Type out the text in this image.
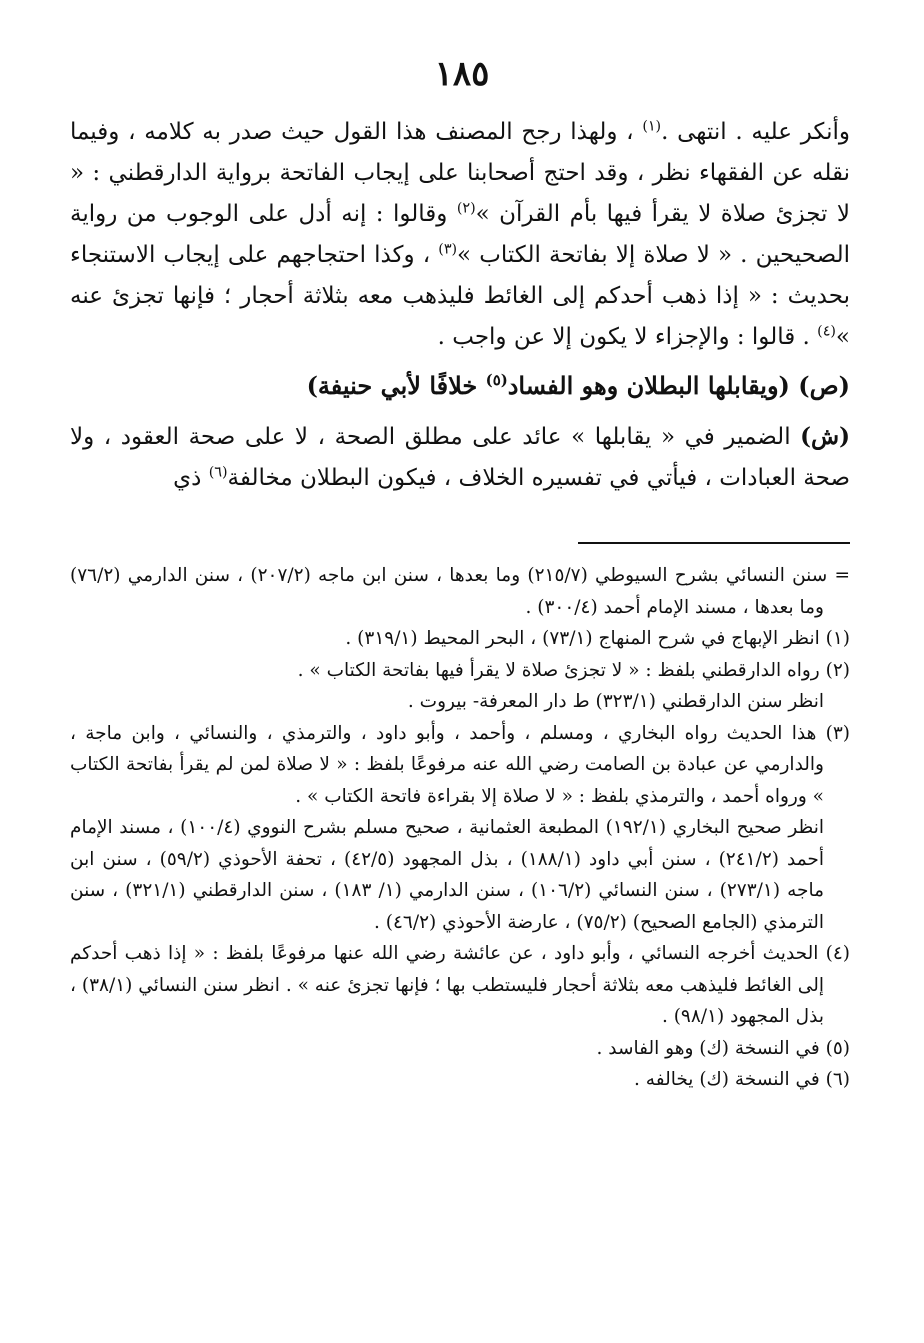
١٨٥

وأنكر عليه . انتهى .$^{(١)}$ ، ولهذا رجح المصنف هذا القول حيث صدر به كلامه ، وفيما نقله عن الفقهاء نظر ، وقد احتج أصحابنا على إيجاب الفاتحة برواية الدارقطني : « لا تجزئ صلاة لا يقرأ فيها بأم القرآن »$^{(٢)}$ وقالوا : إنه أدل على الوجوب من رواية الصحيحين . « لا صلاة إلا بفاتحة الكتاب »$^{(٣)}$ ، وكذا احتجاجهم على إيجاب الاستنجاء بحديث : « إذا ذهب أحدكم إلى الغائط فليذهب معه بثلاثة أحجار ؛ فإنها تجزئ عنه »$^{(٤)}$ . قالوا : والإجزاء لا يكون إلا عن واجب .

(ص) (ويقابلها البطلان وهو الفساد$^{(٥)}$ خلافًا لأبي حنيفة)

(ش) الضمير في « يقابلها » عائد على مطلق الصحة ، لا على صحة العقود ، ولا صحة العبادات ، فيأتي في تفسيره الخلاف ، فيكون البطلان مخالفة$^{(٦)}$ ذي

= سنن النسائي بشرح السيوطي (٢١٥/٧) وما بعدها ، سنن ابن ماجه (٢٠٧/٢) ، سنن الدارمي (٧٦/٢) وما بعدها ، مسند الإمام أحمد (٣٠٠/٤) .

(١) انظر الإبهاج في شرح المنهاج (٧٣/١) ، البحر المحيط (٣١٩/١) .

(٢) رواه الدارقطني بلفظ : « لا تجزئ صلاة لا يقرأ فيها بفاتحة الكتاب » .

انظر سنن الدارقطني (٣٢٣/١) ط دار المعرفة- بيروت .

(٣) هذا الحديث رواه البخاري ، ومسلم ، وأحمد ، وأبو داود ، والترمذي ، والنسائي ، وابن ماجة ، والدارمي عن عبادة بن الصامت رضي الله عنه مرفوعًا بلفظ : « لا صلاة لمن لم يقرأ بفاتحة الكتاب » ورواه أحمد ، والترمذي بلفظ : « لا صلاة إلا بقراءة فاتحة الكتاب » .

انظر صحيح البخاري (١٩٢/١) المطبعة العثمانية ، صحيح مسلم بشرح النووي (١٠٠/٤) ، مسند الإمام أحمد (٢٤١/٢) ، سنن أبي داود (١٨٨/١) ، بذل المجهود (٤٢/٥) ، تحفة الأحوذي (٥٩/٢) ، سنن ابن ماجه (٢٧٣/١) ، سنن النسائي (١٠٦/٢) ، سنن الدارمي (١/ ١٨٣) ، سنن الدارقطني (٣٢١/١) ، سنن الترمذي (الجامع الصحيح) (٧٥/٢) ، عارضة الأحوذي (٤٦/٢) .

(٤) الحديث أخرجه النسائي ، وأبو داود ، عن عائشة رضي الله عنها مرفوعًا بلفظ : « إذا ذهب أحدكم إلى الغائط فليذهب معه بثلاثة أحجار فليستطب بها ؛ فإنها تجزئ عنه » . انظر سنن النسائي (٣٨/١) ، بذل المجهود (٩٨/١) .

(٥) في النسخة (ك) وهو الفاسد .

(٦) في النسخة (ك) يخالفه .
